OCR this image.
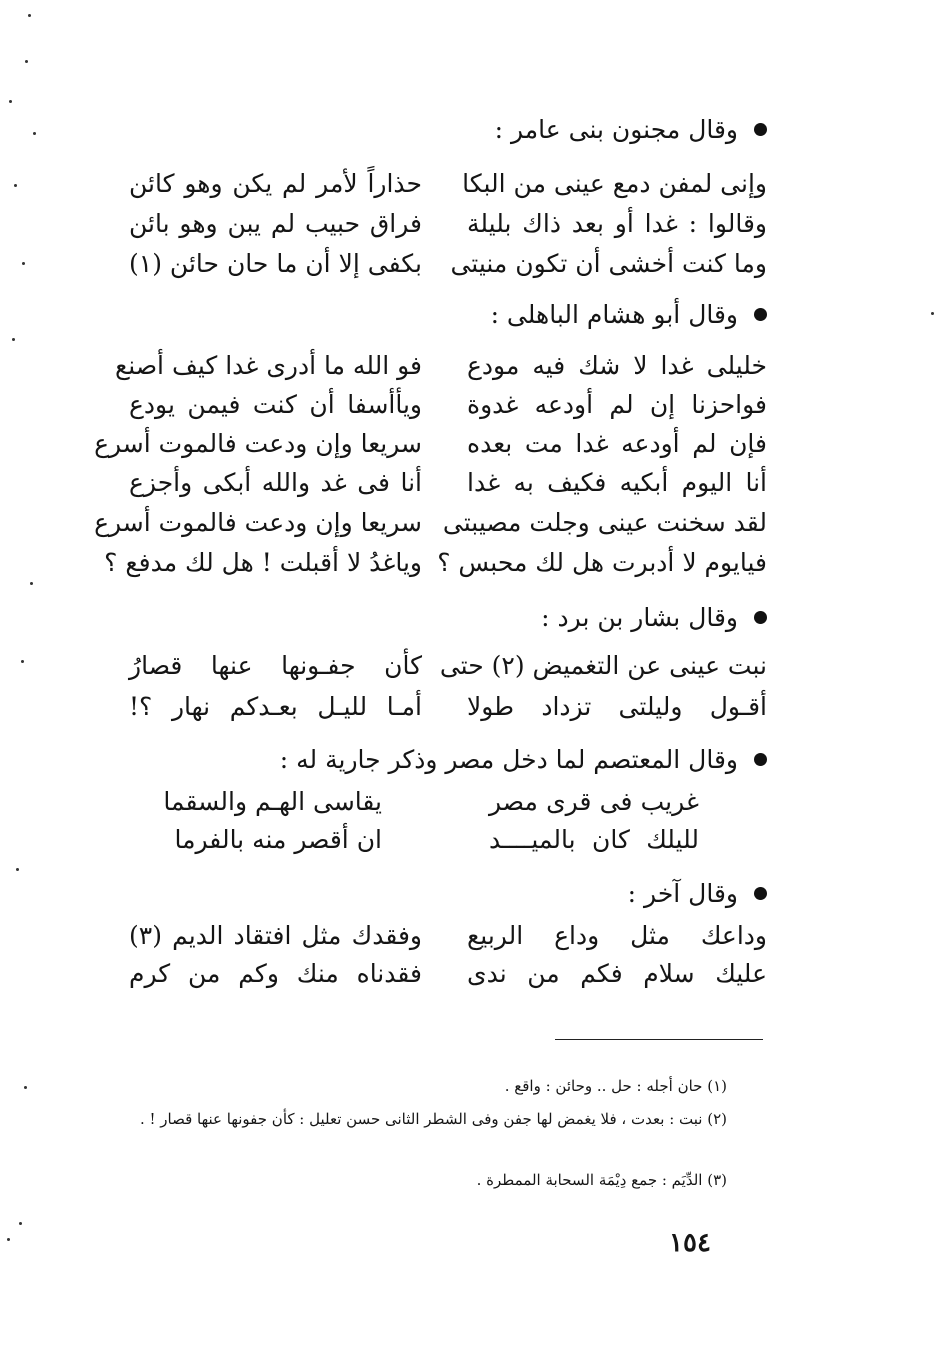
وقال مجنون بنى عامر :
وإنى لمفن دمع عينى من البكا
حذاراً لأمر لم يكن وهو كائن
وقالوا : غدا أو بعد ذاك بليلة
فراق حبيب لم يبن وهو بائن
وما كنت أخشى أن تكون منيتى
بكفى إلا أن ما حان حائن (١)
وقال أبو هشام الباهلى :
خليلى غدا لا شك فيه مودع
فو الله ما أدرى غدا كيف أصنع
فواحزنا إن لم أودعه غدوة
ويأأسفا أن كنت فيمن يودع
فإن لم أودعه غدا مت بعده
سريعا وإن ودعت فالموت أسرع
أنا اليوم أبكيه فكيف به غدا
أنا فى غد والله أبكى وأجزع
لقد سخنت عينى وجلت مصيبتى
سريعا وإن ودعت فالموت أسرع
فيايوم لا أدبرت هل لك محبس ؟
وياغدُ لا أقبلت ! هل لك مدفع ؟
وقال بشار بن برد :
نبت عينى عن التغميض (٢) حتى
كأن جفـونها عنها قصارُ
أقـول وليلتى تزداد طولا
أمـا لليـل بعـدكم نهار ؟!
وقال المعتصم لما دخل مصر وذكر جارية له :
غريب فى قرى مصر
يقاسى الهـم والسقما
لليلك كان بالميــــد
ان أقصر منه بالفرما
وقال آخر :
وداعك مثل وداع الربيع
وفقدك مثل افتقاد الديم (٣)
عليك سلام فكم من ندى
فقدناه منك وكم من كرم
(١) حان أجله : حل .. وحائن : واقع .
(٢) نبت : بعدت ، فلا يغمض لها جفن وفى الشطر الثانى حسن تعليل : كأن جفونها عنها قصار ! .
(٣) الدِّيَم : جمع دِيْمَة السحابة الممطرة .
١٥٤
